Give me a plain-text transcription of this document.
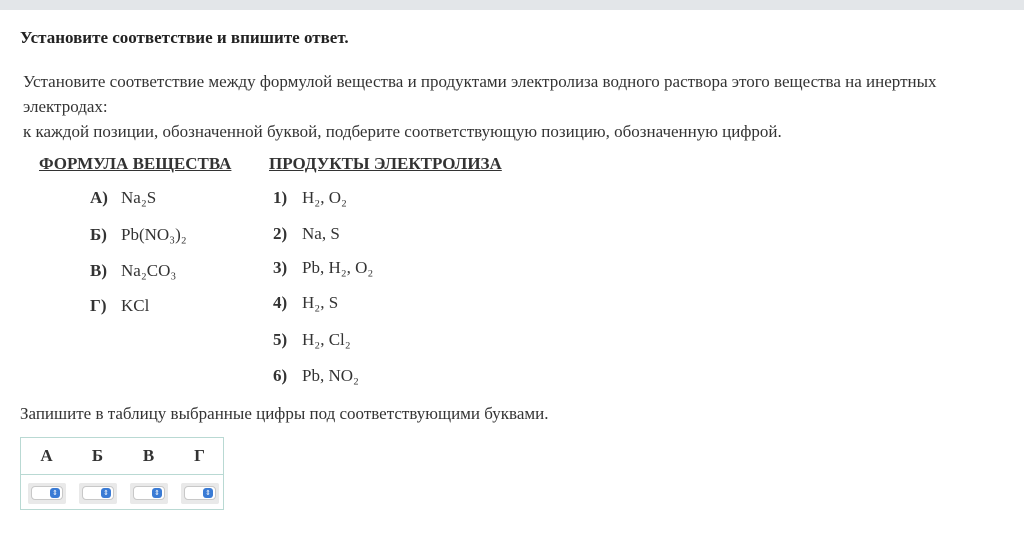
Установите соответствие и впишите ответ.

Установите соответствие между формулой вещества и продуктами электролиза водного раствора этого вещества на инертных электродах:

к каждой позиции, обозначенной буквой, подберите соответствующую позицию, обозначенную цифрой.

ФОРМУЛА ВЕЩЕСТВА ПРОДУКТЫ ЭЛЕКТРОЛИЗА
А) Na₂S
Б) Pb(NO₃)₂
В) Na₂CO₃
Г) KCl
1) H₂, O₂
2) Na, S
3) Pb, H₂, O₂
4) H₂, S
5) H₂, Cl₂
6) Pb, NO₂
Запишите в таблицу выбранные цифры под соответствующими буквами.
А	Б	В	Г
⇕	⇕	⇕	⇕
